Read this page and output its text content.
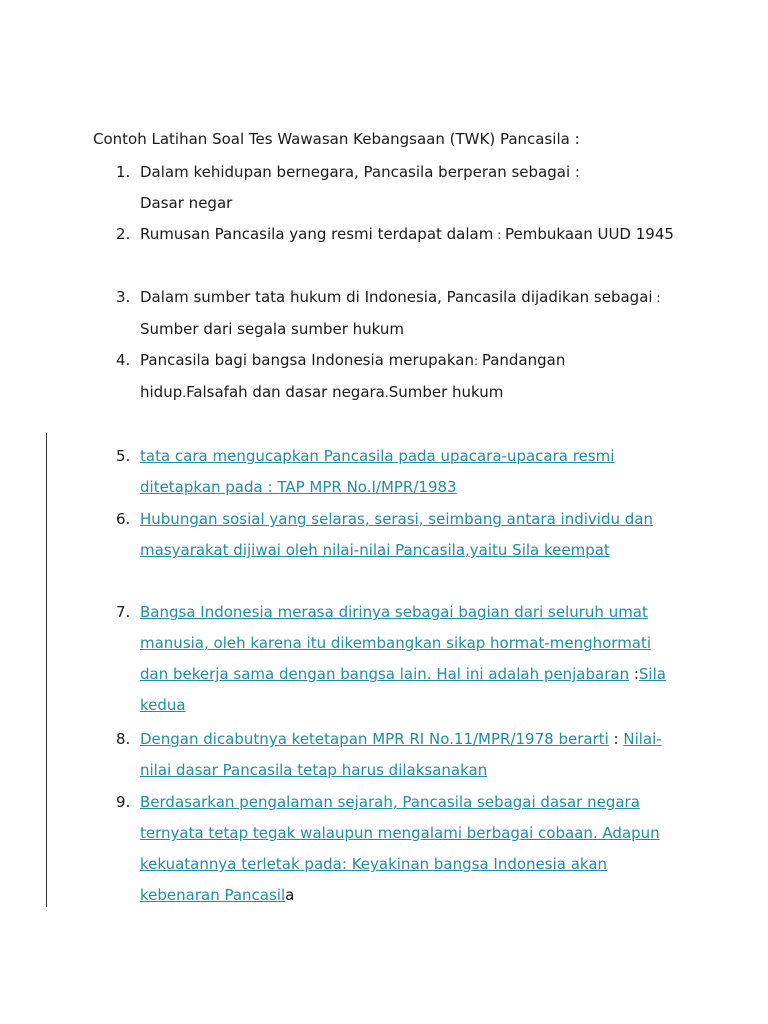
Contoh Latihan Soal Tes Wawasan Kebangsaan (TWK) Pancasila :
1. Dalam kehidupan bernegara, Pancasila berperan sebagai :
Dasar negar
2. Rumusan Pancasila yang resmi terdapat dalam : Pembukaan UUD 1945
3. Dalam sumber tata hukum di Indonesia, Pancasila dijadikan sebagai : Sumber dari segala sumber hukum
4. Pancasila bagi bangsa Indonesia merupakan: Pandangan hidup.Falsafah dan dasar negara.Sumber hukum
5. tata cara mengucapkan Pancasila pada upacara-upacara resmi ditetapkan pada : TAP MPR No.I/MPR/1983
6. Hubungan sosial yang selaras, serasi, seimbang antara individu dan masyarakat dijiwai oleh nilai-nilai Pancasila,yaitu Sila keempat
7. Bangsa Indonesia merasa dirinya sebagai bagian dari seluruh umat manusia, oleh karena itu dikembangkan sikap hormat-menghormati dan bekerja sama dengan bangsa lain. Hal ini adalah penjabaran :Sila kedua
8. Dengan dicabutnya ketetapan MPR RI No.11/MPR/1978 berarti : Nilai-nilai dasar Pancasila tetap harus dilaksanakan
9. Berdasarkan pengalaman sejarah, Pancasila sebagai dasar negara ternyata tetap tegak walaupun mengalami berbagai cobaan. Adapun kekuatannya terletak pada: Keyakinan bangsa Indonesia akan kebenaran Pancasila
